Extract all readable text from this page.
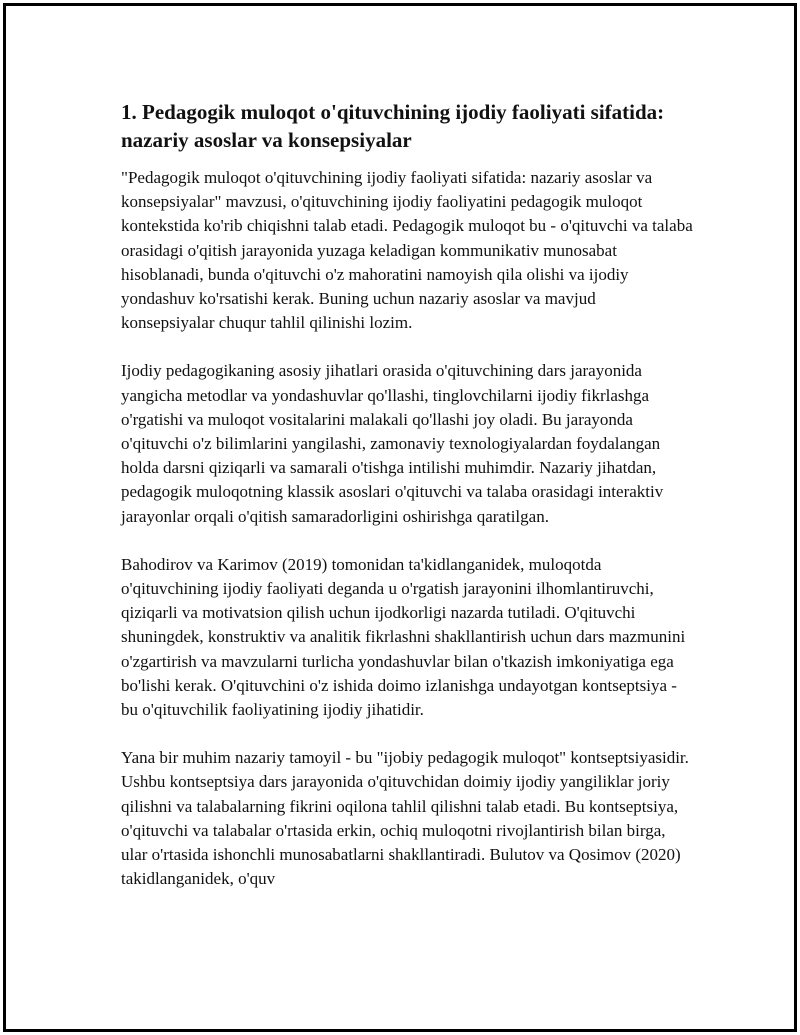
1. Pedagogik muloqot o'qituvchining ijodiy faoliyati sifatida: nazariy asoslar va konsepsiyalar

"Pedagogik muloqot o'qituvchining ijodiy faoliyati sifatida: nazariy asoslar va konsepsiyalar" mavzusi, o'qituvchining ijodiy faoliyatini pedagogik muloqot kontekstida ko'rib chiqishni talab etadi. Pedagogik muloqot bu - o'qituvchi va talaba orasidagi o'qitish jarayonida yuzaga keladigan kommunikativ munosabat hisoblanadi, bunda o'qituvchi o'z mahoratini namoyish qila olishi va ijodiy yondashuv ko'rsatishi kerak. Buning uchun nazariy asoslar va mavjud konsepsiyalar chuqur tahlil qilinishi lozim.

Ijodiy pedagogikaning asosiy jihatlari orasida o'qituvchining dars jarayonida yangicha metodlar va yondashuvlar qo'llashi, tinglovchilarni ijodiy fikrlashga o'rgatishi va muloqot vositalarini malakali qo'llashi joy oladi. Bu jarayonda o'qituvchi o'z bilimlarini yangilashi, zamonaviy texnologiyalardan foydalangan holda darsni qiziqarli va samarali o'tishga intilishi muhimdir. Nazariy jihatdan, pedagogik muloqotning klassik asoslari o'qituvchi va talaba orasidagi interaktiv jarayonlar orqali o'qitish samaradorligini oshirishga qaratilgan.

Bahodirov va Karimov (2019) tomonidan ta'kidlanganidek, muloqotda o'qituvchining ijodiy faoliyati deganda u o'rgatish jarayonini ilhomlantiruvchi, qiziqarli va motivatsion qilish uchun ijodkorligi nazarda tutiladi. O'qituvchi shuningdek, konstruktiv va analitik fikrlashni shakllantirish uchun dars mazmunini o'zgartirish va mavzularni turlicha yondashuvlar bilan o'tkazish imkoniyatiga ega bo'lishi kerak. O'qituvchini o'z ishida doimo izlanishga undayotgan kontseptsiya - bu o'qituvchilik faoliyatining ijodiy jihatidir.

Yana bir muhim nazariy tamoyil - bu "ijobiy pedagogik muloqot" kontseptsiyasidir. Ushbu kontseptsiya dars jarayonida o'qituvchidan doimiy ijodiy yangiliklar joriy qilishni va talabalarning fikrini oqilona tahlil qilishni talab etadi. Bu kontseptsiya, o'qituvchi va talabalar o'rtasida erkin, ochiq muloqotni rivojlantirish bilan birga, ular o'rtasida ishonchli munosabatlarni shakllantiradi. Bulutov va Qosimov (2020) takidlanganidek, o'quv
